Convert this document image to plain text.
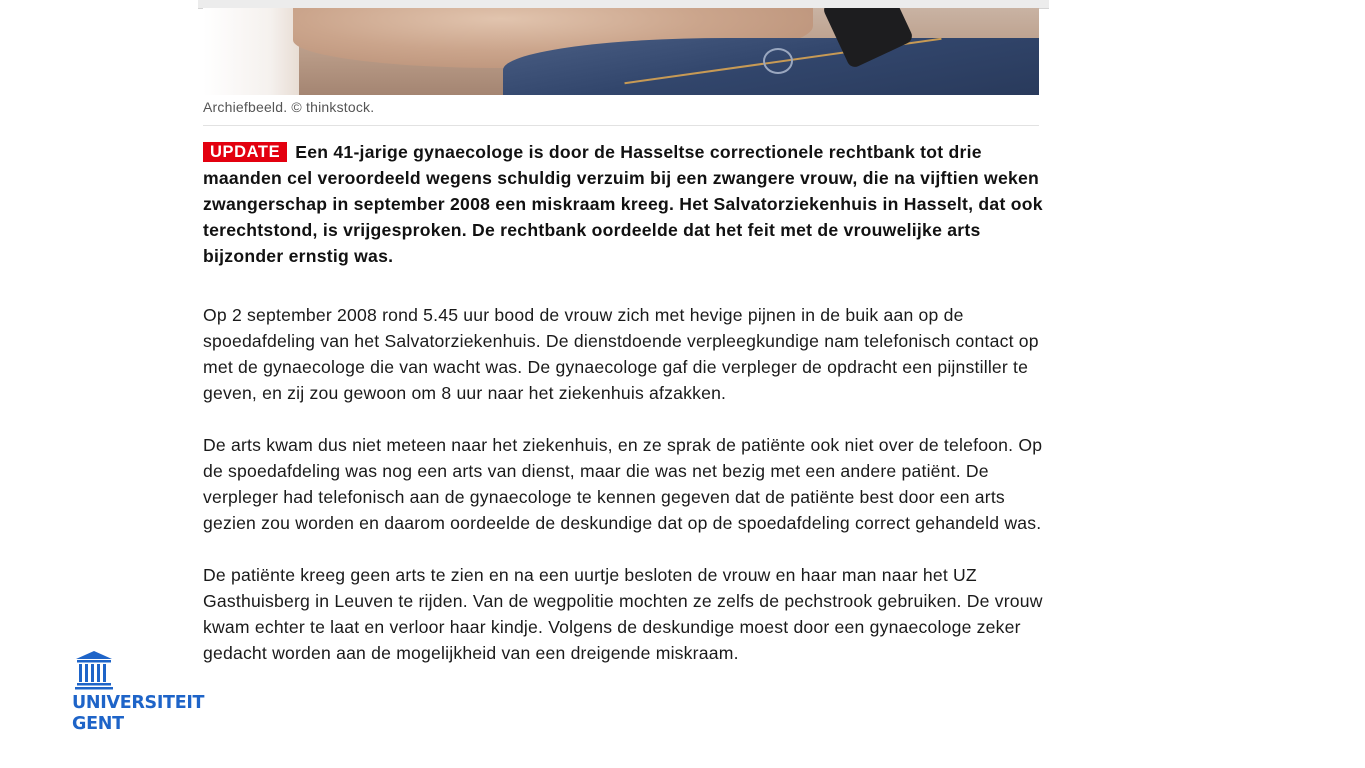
Archiefbeeld. © thinkstock.
UPDATE Een 41-jarige gynaecologe is door de Hasseltse correctionele rechtbank tot drie maanden cel veroordeeld wegens schuldig verzuim bij een zwangere vrouw, die na vijftien weken zwangerschap in september 2008 een miskraam kreeg. Het Salvatorziekenhuis in Hasselt, dat ook terechtstond, is vrijgesproken. De rechtbank oordeelde dat het feit met de vrouwelijke arts bijzonder ernstig was.

Op 2 september 2008 rond 5.45 uur bood de vrouw zich met hevige pijnen in de buik aan op de spoedafdeling van het Salvatorziekenhuis. De dienstdoende verpleegkundige nam telefonisch contact op met de gynaecologe die van wacht was. De gynaecologe gaf die verpleger de opdracht een pijnstiller te geven, en zij zou gewoon om 8 uur naar het ziekenhuis afzakken.

De arts kwam dus niet meteen naar het ziekenhuis, en ze sprak de patiënte ook niet over de telefoon. Op de spoedafdeling was nog een arts van dienst, maar die was net bezig met een andere patiënt. De verpleger had telefonisch aan de gynaecologe te kennen gegeven dat de patiënte best door een arts gezien zou worden en daarom oordeelde de deskundige dat op de spoedafdeling correct gehandeld was.

De patiënte kreeg geen arts te zien en na een uurtje besloten de vrouw en haar man naar het UZ Gasthuisberg in Leuven te rijden. Van de wegpolitie mochten ze zelfs de pechstrook gebruiken. De vrouw kwam echter te laat en verloor haar kindje. Volgens de deskundige moest door een gynaecologe zeker gedacht worden aan de mogelijkheid van een dreigende miskraam.

UNIVERSITEIT
GENT
